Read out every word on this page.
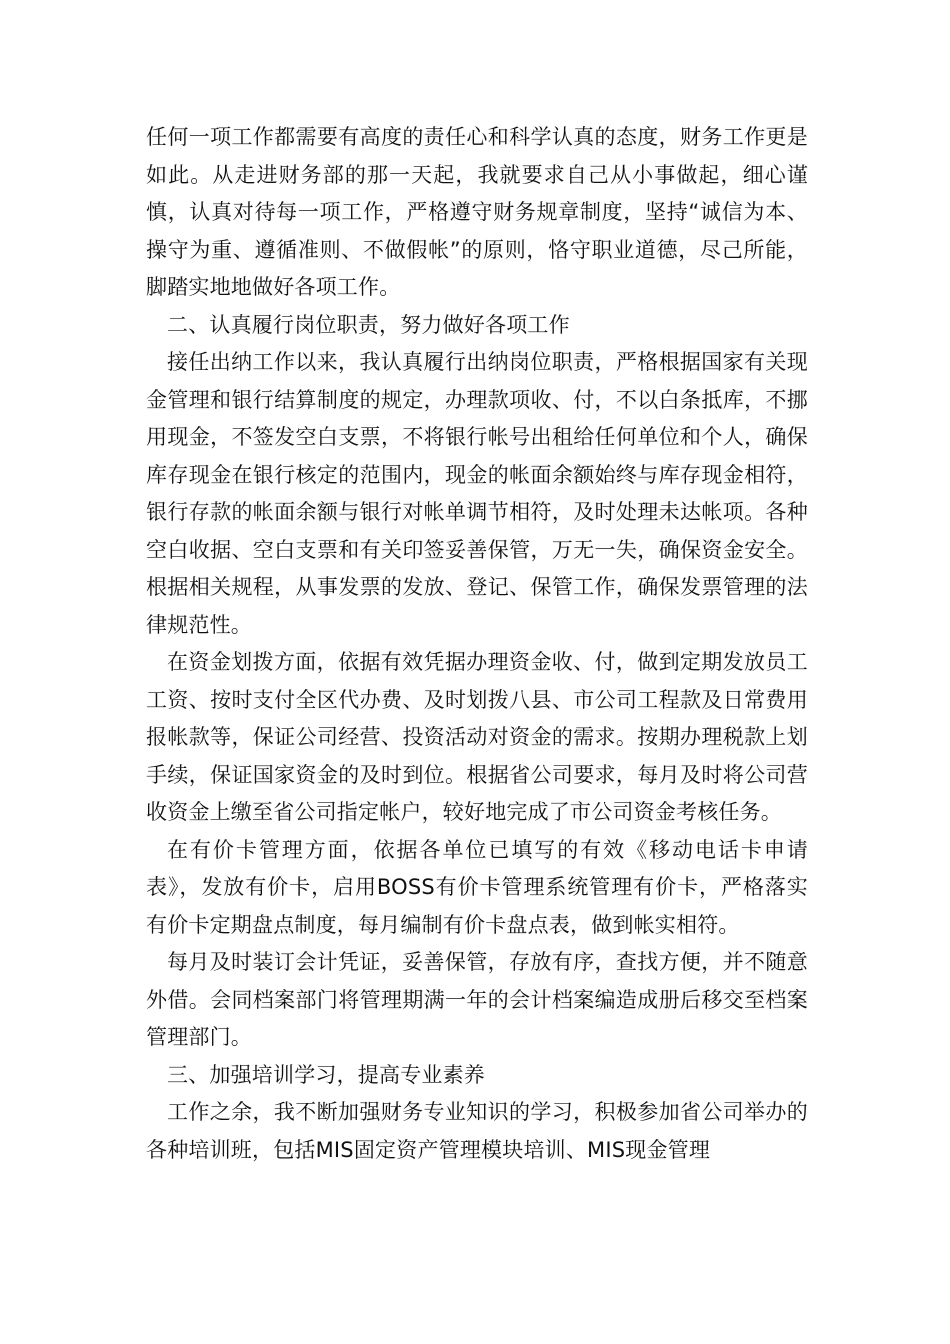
任何一项工作都需要有高度的责任心和科学认真的态度，财务工作更是如此。从走进财务部的那一天起，我就要求自己从小事做起，细心谨慎，认真对待每一项工作，严格遵守财务规章制度，坚持“诚信为本、操守为重、遵循准则、不做假帐”的原则，恪守职业道德，尽己所能，脚踏实地地做好各项工作。

二、认真履行岗位职责，努力做好各项工作

接任出纳工作以来，我认真履行出纳岗位职责，严格根据国家有关现金管理和银行结算制度的规定，办理款项收、付，不以白条抵库，不挪用现金，不签发空白支票，不将银行帐号出租给任何单位和个人，确保库存现金在银行核定的范围内，现金的帐面余额始终与库存现金相符，银行存款的帐面余额与银行对帐单调节相符，及时处理未达帐项。各种空白收据、空白支票和有关印签妥善保管，万无一失，确保资金安全。根据相关规程，从事发票的发放、登记、保管工作，确保发票管理的法律规范性。

在资金划拨方面，依据有效凭据办理资金收、付，做到定期发放员工工资、按时支付全区代办费、及时划拨八县、市公司工程款及日常费用报帐款等，保证公司经营、投资活动对资金的需求。按期办理税款上划手续，保证国家资金的及时到位。根据省公司要求，每月及时将公司营收资金上缴至省公司指定帐户，较好地完成了市公司资金考核任务。

在有价卡管理方面，依据各单位已填写的有效《移动电话卡申请表》，发放有价卡，启用BOSS有价卡管理系统管理有价卡，严格落实有价卡定期盘点制度，每月编制有价卡盘点表，做到帐实相符。

每月及时装订会计凭证，妥善保管，存放有序，查找方便，并不随意外借。会同档案部门将管理期满一年的会计档案编造成册后移交至档案管理部门。

三、加强培训学习，提高专业素养

工作之余，我不断加强财务专业知识的学习，积极参加省公司举办的各种培训班，包括MIS固定资产管理模块培训、MIS现金管理
